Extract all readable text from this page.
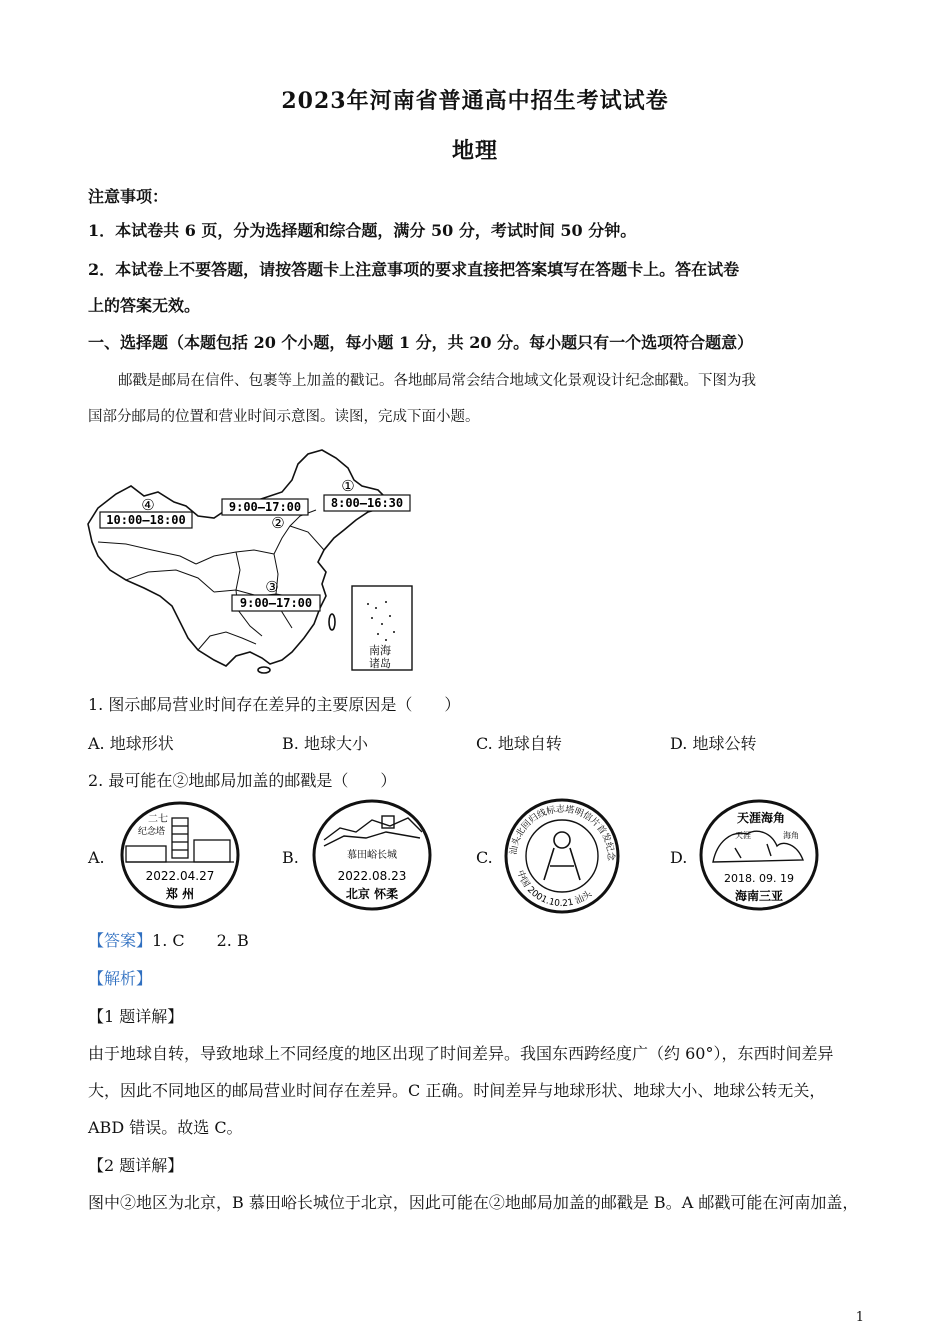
2023年河南省普通高中招生考试试卷
地理
注意事项：
1．本试卷共 6 页，分为选择题和综合题，满分 50 分，考试时间 50 分钟。
2．本试卷上不要答题，请按答题卡上注意事项的要求直接把答案填写在答题卡上。答在试卷
上的答案无效。
一、选择题（本题包括 20 个小题，每小题 1 分，共 20 分。每小题只有一个选项符合题意）
邮戳是邮局在信件、包裹等上加盖的戳记。各地邮局常会结合地域文化景观设计纪念邮戳。下图为我
国部分邮局的位置和营业时间示意图。读图，完成下面小题。
南海
诸岛
10:00—18:00
9:00—17:00 8:00—16:30
9:00—17:00
④
②
①
③
1. 图示邮局营业时间存在差异的主要原因是（　　）
A. 地球形状	B. 地球大小	C. 地球自转	D. 地球公转
2. 最可能在②地邮局加盖的邮戳是（　　）
A.
二七
纪念塔
2022.04.27
郑 州
B.	慕田峪长城
2022.08.23
北京 怀柔
C. 汕头北回归线标志塔明信片首发纪念
中国 2001.10.21 汕头
D.
天涯海角
天涯	海角
2018. 09. 19
海南三亚
【答案】1. C　　2. B
【解析】
【1 题详解】
由于地球自转，导致地球上不同经度的地区出现了时间差异。我国东西跨经度广（约 60°），东西时间差异
大，因此不同地区的邮局营业时间存在差异。C 正确。时间差异与地球形状、地球大小、地球公转无关，
ABD 错误。故选 C。
【2 题详解】
图中②地区为北京，B 慕田峪长城位于北京，因此可能在②地邮局加盖的邮戳是 B。A 邮戳可能在河南加盖，
1
